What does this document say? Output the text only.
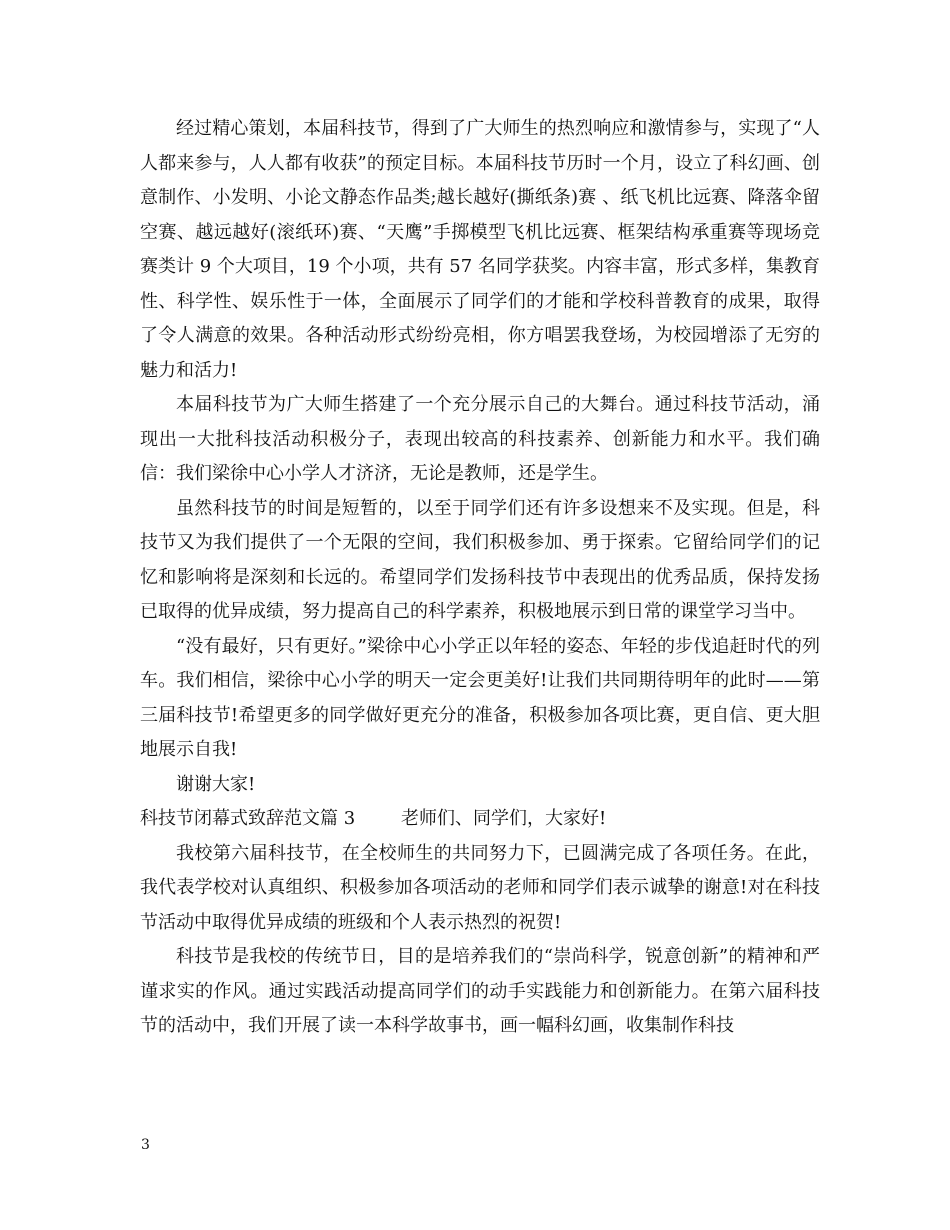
经过精心策划，本届科技节，得到了广大师生的热烈响应和激情参与，实现了“人人都来参与，人人都有收获”的预定目标。本届科技节历时一个月，设立了科幻画、创意制作、小发明、小论文静态作品类;越长越好(撕纸条)赛 、纸飞机比远赛、降落伞留空赛、越远越好(滚纸环)赛、“天鹰”手掷模型飞机比远赛、框架结构承重赛等现场竞赛类计 9 个大项目，19 个小项，共有 57 名同学获奖。内容丰富，形式多样，集教育性、科学性、娱乐性于一体，全面展示了同学们的才能和学校科普教育的成果，取得了令人满意的效果。各种活动形式纷纷亮相，你方唱罢我登场，为校园增添了无穷的魅力和活力!

本届科技节为广大师生搭建了一个充分展示自己的大舞台。通过科技节活动，涌现出一大批科技活动积极分子，表现出较高的科技素养、创新能力和水平。我们确信：我们梁徐中心小学人才济济，无论是教师，还是学生。

虽然科技节的时间是短暂的，以至于同学们还有许多设想来不及实现。但是，科技节又为我们提供了一个无限的空间，我们积极参加、勇于探索。它留给同学们的记忆和影响将是深刻和长远的。希望同学们发扬科技节中表现出的优秀品质，保持发扬已取得的优异成绩，努力提高自己的科学素养，积极地展示到日常的课堂学习当中。

“没有最好，只有更好。”梁徐中心小学正以年轻的姿态、年轻的步伐追赶时代的列车。我们相信，梁徐中心小学的明天一定会更美好!让我们共同期待明年的此时——第三届科技节!希望更多的同学做好更充分的准备，积极参加各项比赛，更自信、更大胆地展示自我!

谢谢大家!

科技节闭幕式致辞范文篇 3	老师们、同学们，大家好!

我校第六届科技节，在全校师生的共同努力下，已圆满完成了各项任务。在此，我代表学校对认真组织、积极参加各项活动的老师和同学们表示诚挚的谢意!对在科技节活动中取得优异成绩的班级和个人表示热烈的祝贺!

科技节是我校的传统节日，目的是培养我们的“崇尚科学，锐意创新”的精神和严谨求实的作风。通过实践活动提高同学们的动手实践能力和创新能力。在第六届科技节的活动中，我们开展了读一本科学故事书，画一幅科幻画，收集制作科技

3
